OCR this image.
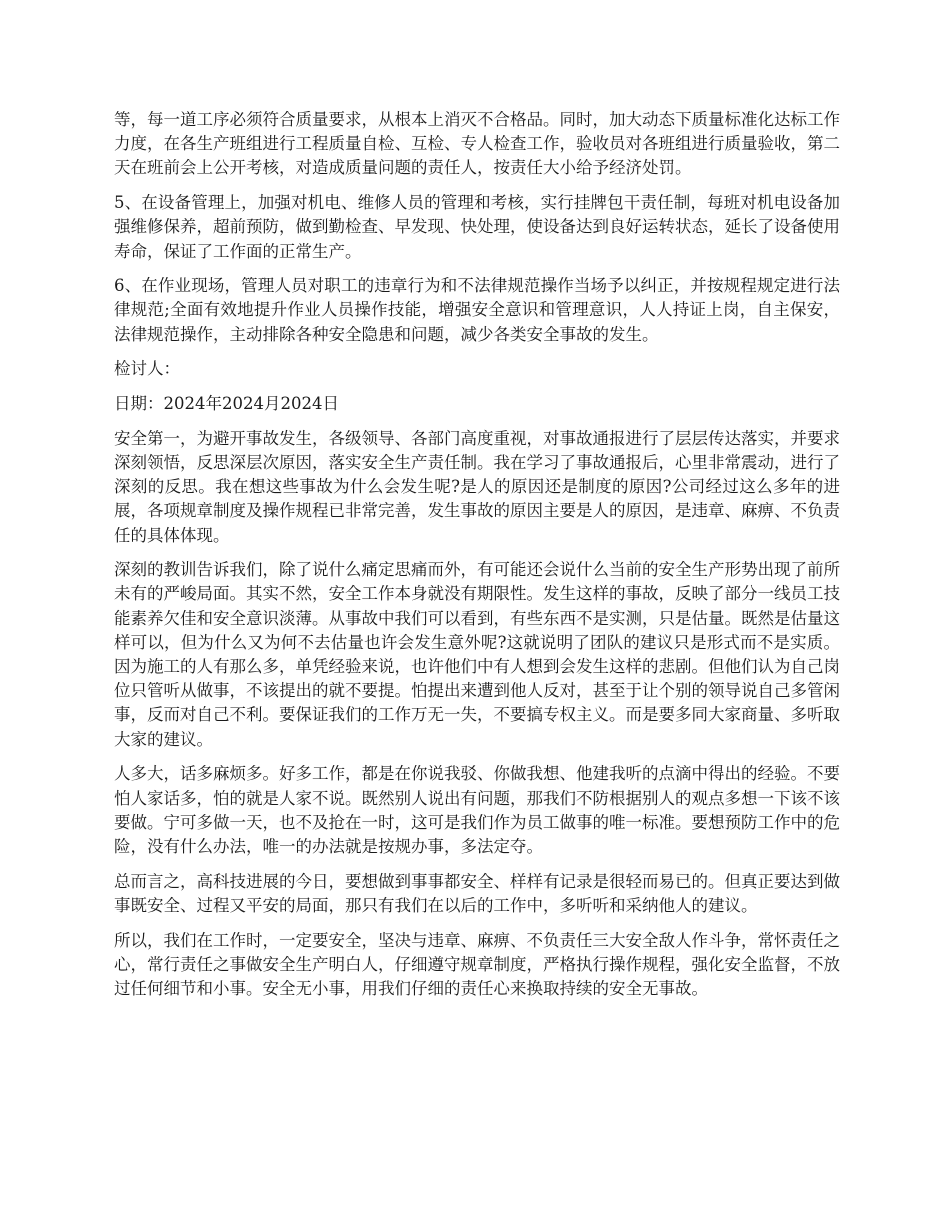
等，每一道工序必须符合质量要求，从根本上消灭不合格品。同时，加大动态下质量标准化达标工作力度，在各生产班组进行工程质量自检、互检、专人检查工作，验收员对各班组进行质量验收，第二天在班前会上公开考核，对造成质量问题的责任人，按责任大小给予经济处罚。

5、在设备管理上，加强对机电、维修人员的管理和考核，实行挂牌包干责任制，每班对机电设备加强维修保养，超前预防，做到勤检查、早发现、快处理，使设备达到良好运转状态，延长了设备使用寿命，保证了工作面的正常生产。

6、在作业现场，管理人员对职工的违章行为和不法律规范操作当场予以纠正，并按规程规定进行法律规范;全面有效地提升作业人员操作技能，增强安全意识和管理意识，人人持证上岗，自主保安，法律规范操作，主动排除各种安全隐患和问题，减少各类安全事故的发生。

检讨人：

日期：2024年2024月2024日

安全第一，为避开事故发生，各级领导、各部门高度重视，对事故通报进行了层层传达落实，并要求深刻领悟，反思深层次原因，落实安全生产责任制。我在学习了事故通报后，心里非常震动，进行了深刻的反思。我在想这些事故为什么会发生呢?是人的原因还是制度的原因?公司经过这么多年的进展，各项规章制度及操作规程已非常完善，发生事故的原因主要是人的原因，是违章、麻痹、不负责任的具体体现。

深刻的教训告诉我们，除了说什么痛定思痛而外，有可能还会说什么当前的安全生产形势出现了前所未有的严峻局面。其实不然，安全工作本身就没有期限性。发生这样的事故，反映了部分一线员工技能素养欠佳和安全意识淡薄。从事故中我们可以看到，有些东西不是实测，只是估量。既然是估量这样可以，但为什么又为何不去估量也许会发生意外呢?这就说明了团队的建议只是形式而不是实质。因为施工的人有那么多，单凭经验来说，也许他们中有人想到会发生这样的悲剧。但他们认为自己岗位只管听从做事，不该提出的就不要提。怕提出来遭到他人反对，甚至于让个别的领导说自己多管闲事，反而对自己不利。要保证我们的工作万无一失，不要搞专权主义。而是要多同大家商量、多听取大家的建议。

人多大，话多麻烦多。好多工作，都是在你说我驳、你做我想、他建我听的点滴中得出的经验。不要怕人家话多，怕的就是人家不说。既然别人说出有问题，那我们不防根据别人的观点多想一下该不该要做。宁可多做一天，也不及抢在一时，这可是我们作为员工做事的唯一标准。要想预防工作中的危险，没有什么办法，唯一的办法就是按规办事，多法定夺。

总而言之，高科技进展的今日，要想做到事事都安全、样样有记录是很轻而易已的。但真正要达到做事既安全、过程又平安的局面，那只有我们在以后的工作中，多听听和采纳他人的建议。

所以，我们在工作时，一定要安全，坚决与违章、麻痹、不负责任三大安全敌人作斗争，常怀责任之心，常行责任之事做安全生产明白人，仔细遵守规章制度，严格执行操作规程，强化安全监督，不放过任何细节和小事。安全无小事，用我们仔细的责任心来换取持续的安全无事故。
